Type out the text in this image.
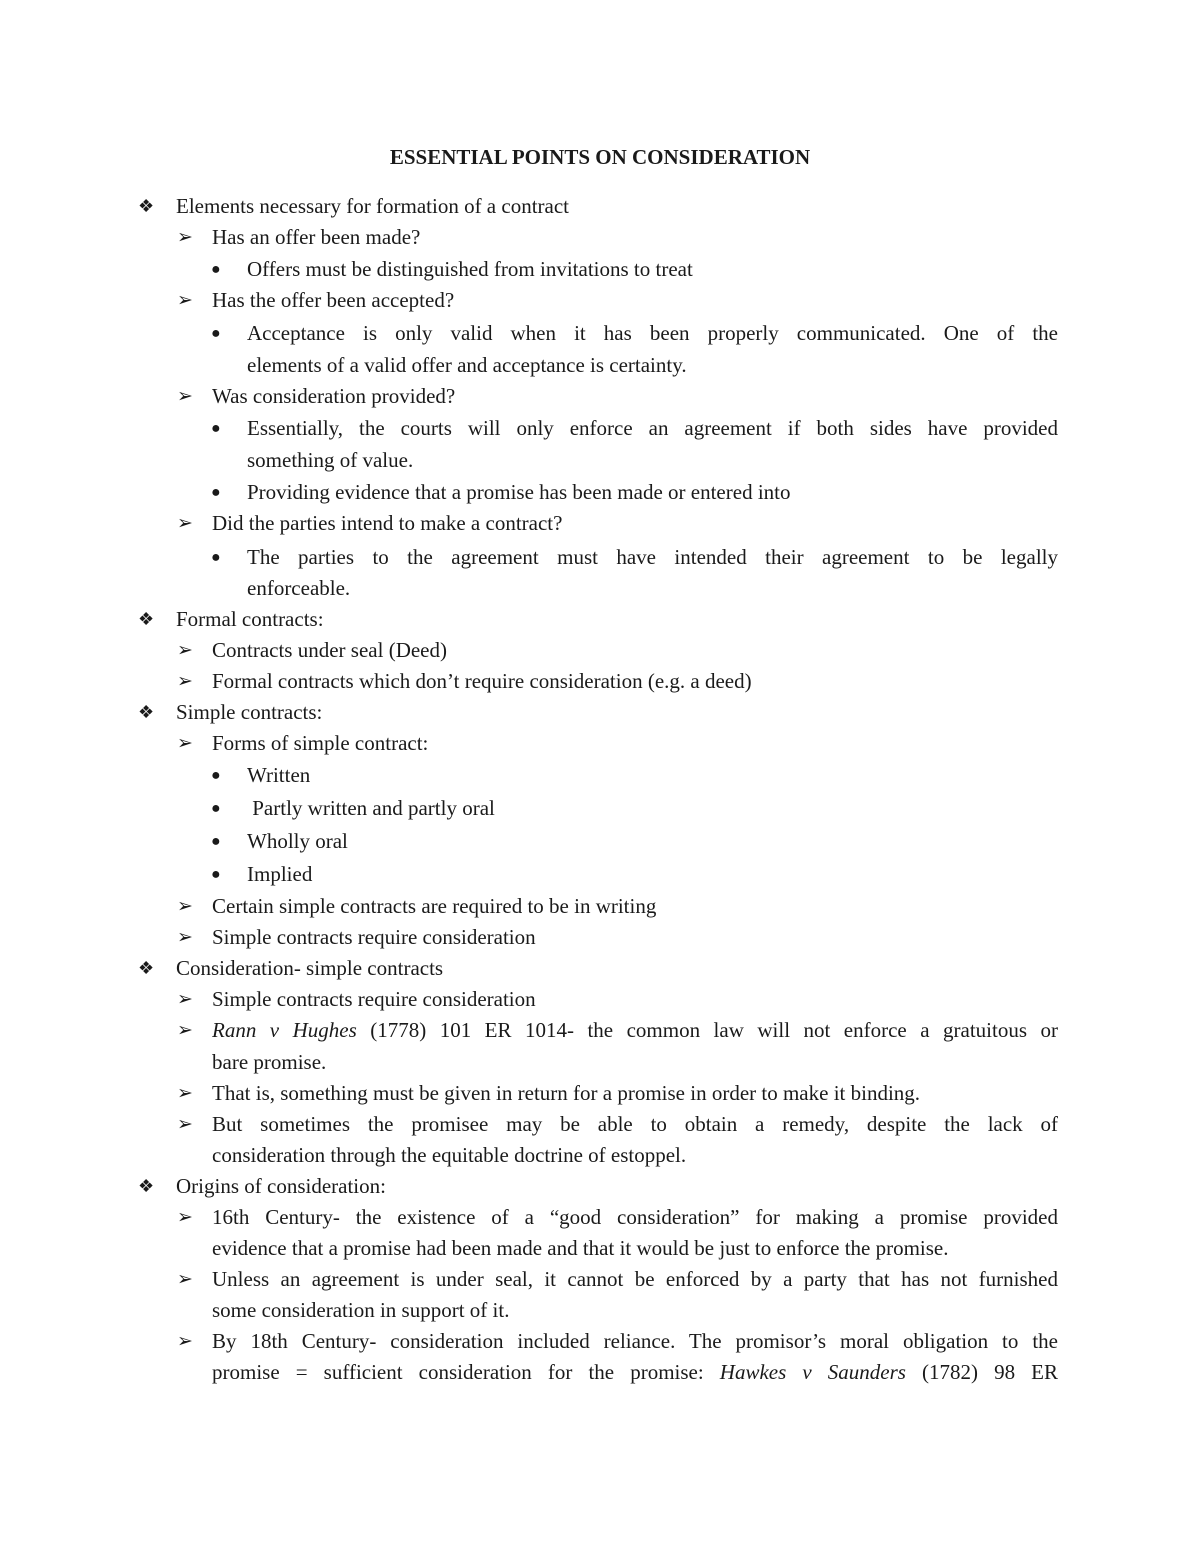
ESSENTIAL POINTS ON CONSIDERATION
❖ Elements necessary for formation of a contract
➢ Has an offer been made?
● Offers must be distinguished from invitations to treat
➢ Has the offer been accepted?
● Acceptance is only valid when it has been properly communicated. One of the
elements of a valid offer and acceptance is certainty.
➢ Was consideration provided?
● Essentially, the courts will only enforce an agreement if both sides have provided
something of value.
● Providing evidence that a promise has been made or entered into
➢ Did the parties intend to make a contract?
● The parties to the agreement must have intended their agreement to be legally
enforceable.
❖ Formal contracts:
➢ Contracts under seal (Deed)
➢ Formal contracts which don’t require consideration (e.g. a deed)
❖ Simple contracts:
➢ Forms of simple contract:
● Written
● Partly written and partly oral
● Wholly oral
● Implied
➢ Certain simple contracts are required to be in writing
➢ Simple contracts require consideration
❖ Consideration- simple contracts
➢ Simple contracts require consideration
➢ Rann v Hughes (1778) 101 ER 1014- the common law will not enforce a gratuitous or
bare promise.
➢ That is, something must be given in return for a promise in order to make it binding.
➢ But sometimes the promisee may be able to obtain a remedy, despite the lack of
consideration through the equitable doctrine of estoppel.
❖ Origins of consideration:
➢ 16th Century- the existence of a “good consideration” for making a promise provided
evidence that a promise had been made and that it would be just to enforce the promise.
➢ Unless an agreement is under seal, it cannot be enforced by a party that has not furnished
some consideration in support of it.
➢ By 18th Century- consideration included reliance. The promisor’s moral obligation to the
promise = sufficient consideration for the promise: Hawkes v Saunders (1782) 98 ER
